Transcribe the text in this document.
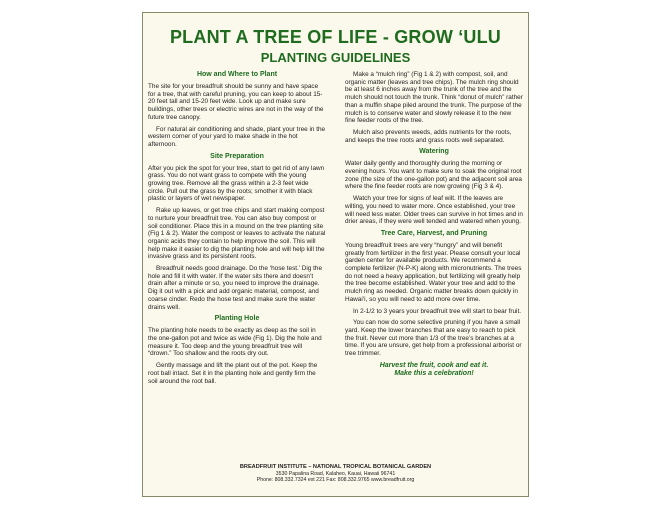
PLANT A TREE OF LIFE - GROW ‘ULU
PLANTING GUIDELINES
How and Where to Plant

The site for your breadfruit should be sunny and have space for a tree, that with careful pruning, you can keep to about 15-20 feet tall and 15-20 feet wide. Look up and make sure buildings, other trees or electric wires are not in the way of the future tree canopy.

For natural air conditioning and shade, plant your tree in the western corner of your yard to make shade in the hot afternoon.

Site Preparation

After you pick the spot for your tree, start to get rid of any lawn grass. You do not want grass to compete with the young growing tree. Remove all the grass within a 2-3 feet wide circle. Pull out the grass by the roots; smother it with black plastic or layers of wet newspaper.

Rake up leaves, or get tree chips and start making compost to nurture your breadfruit tree. You can also buy compost or soil conditioner. Place this in a mound on the tree planting site (Fig 1 & 2). Water the compost or leaves to activate the natural organic acids they contain to help improve the soil. This will help make it easier to dig the planting hole and will help kill the invasive grass and its persistent roots.

Breadfruit needs good drainage. Do the ‘hose test.’ Dig the hole and fill it with water. If the water sits there and doesn’t drain after a minute or so, you need to improve the drainage. Dig it out with a pick and add organic material, compost, and coarse cinder. Redo the hose test and make sure the water drains well.

Planting Hole

The planting hole needs to be exactly as deep as the soil in the one-gallon pot and twice as wide (Fig 1). Dig the hole and measure it. Too deep and the young breadfruit tree will “drown.” Too shallow and the roots dry out.

Gently massage and lift the plant out of the pot. Keep the root ball intact. Set it in the planting hole and gently firm the soil around the root ball.

Make a “mulch ring” (Fig 1 & 2) with compost, soil, and organic matter (leaves and tree chips). The mulch ring should be at least 6 inches away from the trunk of the tree and the mulch should not touch the trunk. Think “donut of mulch” rather than a muffin shape piled around the trunk. The purpose of the mulch is to conserve water and slowly release it to the new fine feeder roots of the tree.

Mulch also prevents weeds, adds nutrients for the roots, and keeps the tree roots and grass roots well separated.

Watering

Water daily gently and thoroughly during the morning or evening hours. You want to make sure to soak the original root zone (the size of the one-gallon pot) and the adjacent soil area where the fine feeder roots are now growing (Fig 3 & 4).

Watch your tree for signs of leaf wilt. If the leaves are wilting, you need to water more. Once established, your tree will need less water. Older trees can survive in hot times and in drier areas, if they were well tended and watered when young.

Tree Care, Harvest, and Pruning

Young breadfruit trees are very “hungry” and will benefit greatly from fertilizer in the first year. Please consult your local garden center for available products. We recommend a complete fertilizer (N-P-K) along with micronutrients. The trees do not need a heavy application, but fertilizing will greatly help the tree become established. Water your tree and add to the mulch ring as needed. Organic matter breaks down quickly in Hawai‘i, so you will need to add more over time.

In 2-1/2 to 3 years your breadfruit tree will start to bear fruit.

You can now do some selective pruning if you have a small yard. Keep the lower branches that are easy to reach to pick the fruit. Never cut more than 1/3 of the tree’s branches at a time. If you are unsure, get help from a professional arborist or tree trimmer.

Harvest the fruit, cook and eat it.
Make this a celebration!
BREADFRUIT INSTITUTE – NATIONAL TROPICAL BOTANICAL GARDEN
3530 Papalina Road, Kalaheo, Kauai, Hawaii 96741
Phone: 808.332.7324 ext 221 Fax: 808.332.9765 www.breadfruit.org
